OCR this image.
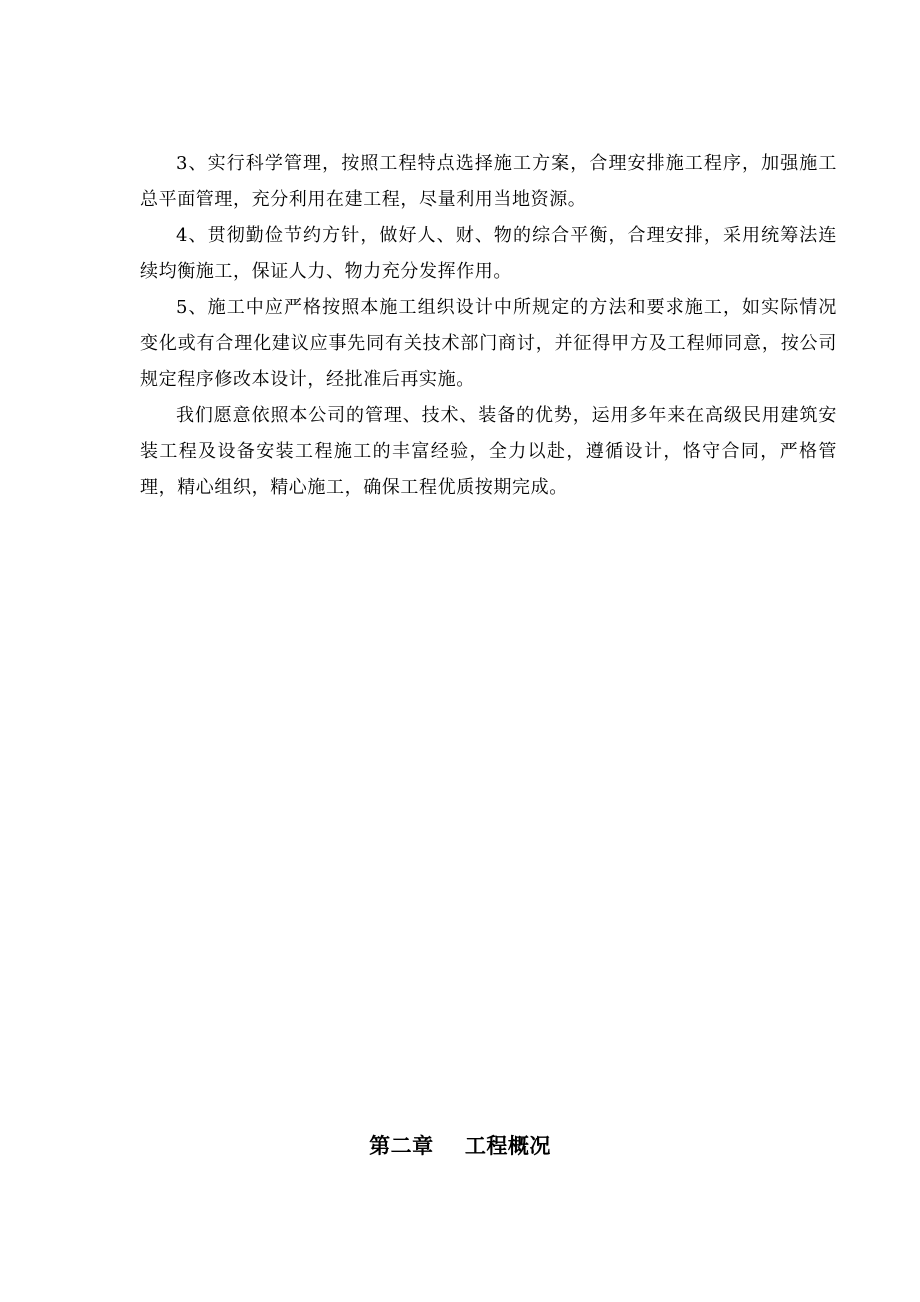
3、实行科学管理，按照工程特点选择施工方案，合理安排施工程序，加强施工总平面管理，充分利用在建工程，尽量利用当地资源。

4、贯彻勤俭节约方针，做好人、财、物的综合平衡，合理安排，采用统筹法连续均衡施工，保证人力、物力充分发挥作用。

5、施工中应严格按照本施工组织设计中所规定的方法和要求施工，如实际情况变化或有合理化建议应事先同有关技术部门商讨，并征得甲方及工程师同意，按公司规定程序修改本设计，经批准后再实施。

我们愿意依照本公司的管理、技术、装备的优势，运用多年来在高级民用建筑安装工程及设备安装工程施工的丰富经验，全力以赴，遵循设计，恪守合同，严格管理，精心组织，精心施工，确保工程优质按期完成。

第二章    工程概况
